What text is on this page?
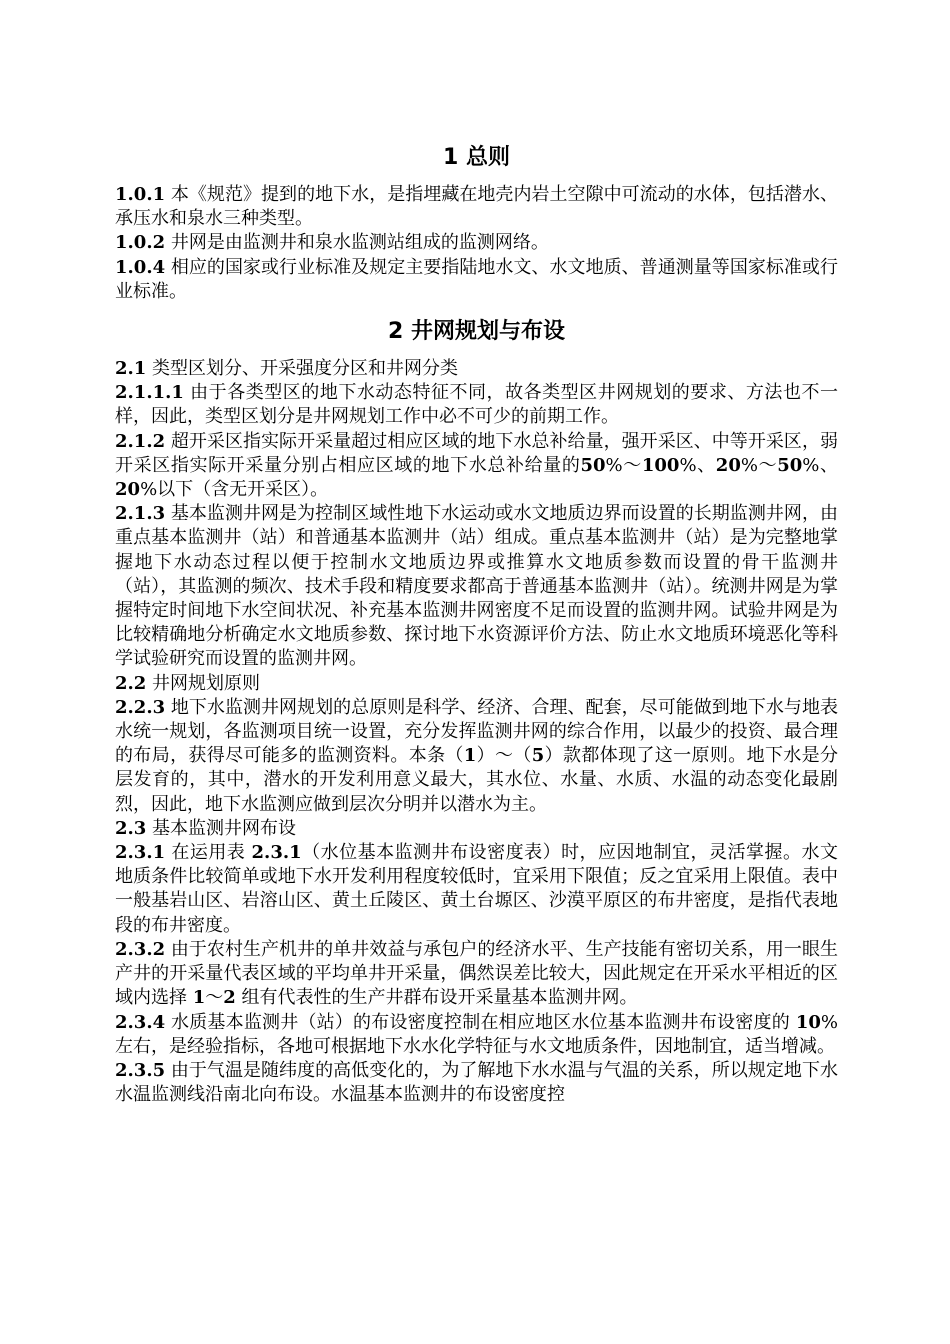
1 总则

1.0.1 本《规范》提到的地下水，是指埋藏在地壳内岩土空隙中可流动的水体，包括潜水、承压水和泉水三种类型。

1.0.2 井网是由监测井和泉水监测站组成的监测网络。

1.0.4 相应的国家或行业标准及规定主要指陆地水文、水文地质、普通测量等国家标准或行业标准。

2 井网规划与布设

2.1 类型区划分、开采强度分区和井网分类

2.1.1.1 由于各类型区的地下水动态特征不同，故各类型区井网规划的要求、方法也不一样，因此，类型区划分是井网规划工作中必不可少的前期工作。

2.1.2 超开采区指实际开采量超过相应区域的地下水总补给量，强开采区、中等开采区，弱开采区指实际开采量分别占相应区域的地下水总补给量的50%～100%、20%～50%、20%以下（含无开采区）。

2.1.3 基本监测井网是为控制区域性地下水运动或水文地质边界而设置的长期监测井网，由重点基本监测井（站）和普通基本监测井（站）组成。重点基本监测井（站）是为完整地掌握地下水动态过程以便于控制水文地质边界或推算水文地质参数而设置的骨干监测井（站），其监测的频次、技术手段和精度要求都高于普通基本监测井（站）。统测井网是为掌握特定时间地下水空间状况、补充基本监测井网密度不足而设置的监测井网。试验井网是为比较精确地分析确定水文地质参数、探讨地下水资源评价方法、防止水文地质环境恶化等科学试验研究而设置的监测井网。

2.2 井网规划原则

2.2.3 地下水监测井网规划的总原则是科学、经济、合理、配套，尽可能做到地下水与地表水统一规划，各监测项目统一设置，充分发挥监测井网的综合作用，以最少的投资、最合理的布局，获得尽可能多的监测资料。本条（1）～（5）款都体现了这一原则。地下水是分层发育的，其中，潜水的开发利用意义最大，其水位、水量、水质、水温的动态变化最剧烈，因此，地下水监测应做到层次分明并以潜水为主。

2.3 基本监测井网布设

2.3.1 在运用表 2.3.1（水位基本监测井布设密度表）时，应因地制宜，灵活掌握。水文地质条件比较简单或地下水开发利用程度较低时，宜采用下限值；反之宜采用上限值。表中一般基岩山区、岩溶山区、黄土丘陵区、黄土台塬区、沙漠平原区的布井密度，是指代表地段的布井密度。

2.3.2 由于农村生产机井的单井效益与承包户的经济水平、生产技能有密切关系，用一眼生产井的开采量代表区域的平均单井开采量，偶然误差比较大，因此规定在开采水平相近的区域内选择 1～2 组有代表性的生产井群布设开采量基本监测井网。

2.3.4 水质基本监测井（站）的布设密度控制在相应地区水位基本监测井布设密度的 10%左右，是经验指标，各地可根据地下水水化学特征与水文地质条件，因地制宜，适当增减。

2.3.5 由于气温是随纬度的高低变化的，为了解地下水水温与气温的关系，所以规定地下水水温监测线沿南北向布设。水温基本监测井的布设密度控
